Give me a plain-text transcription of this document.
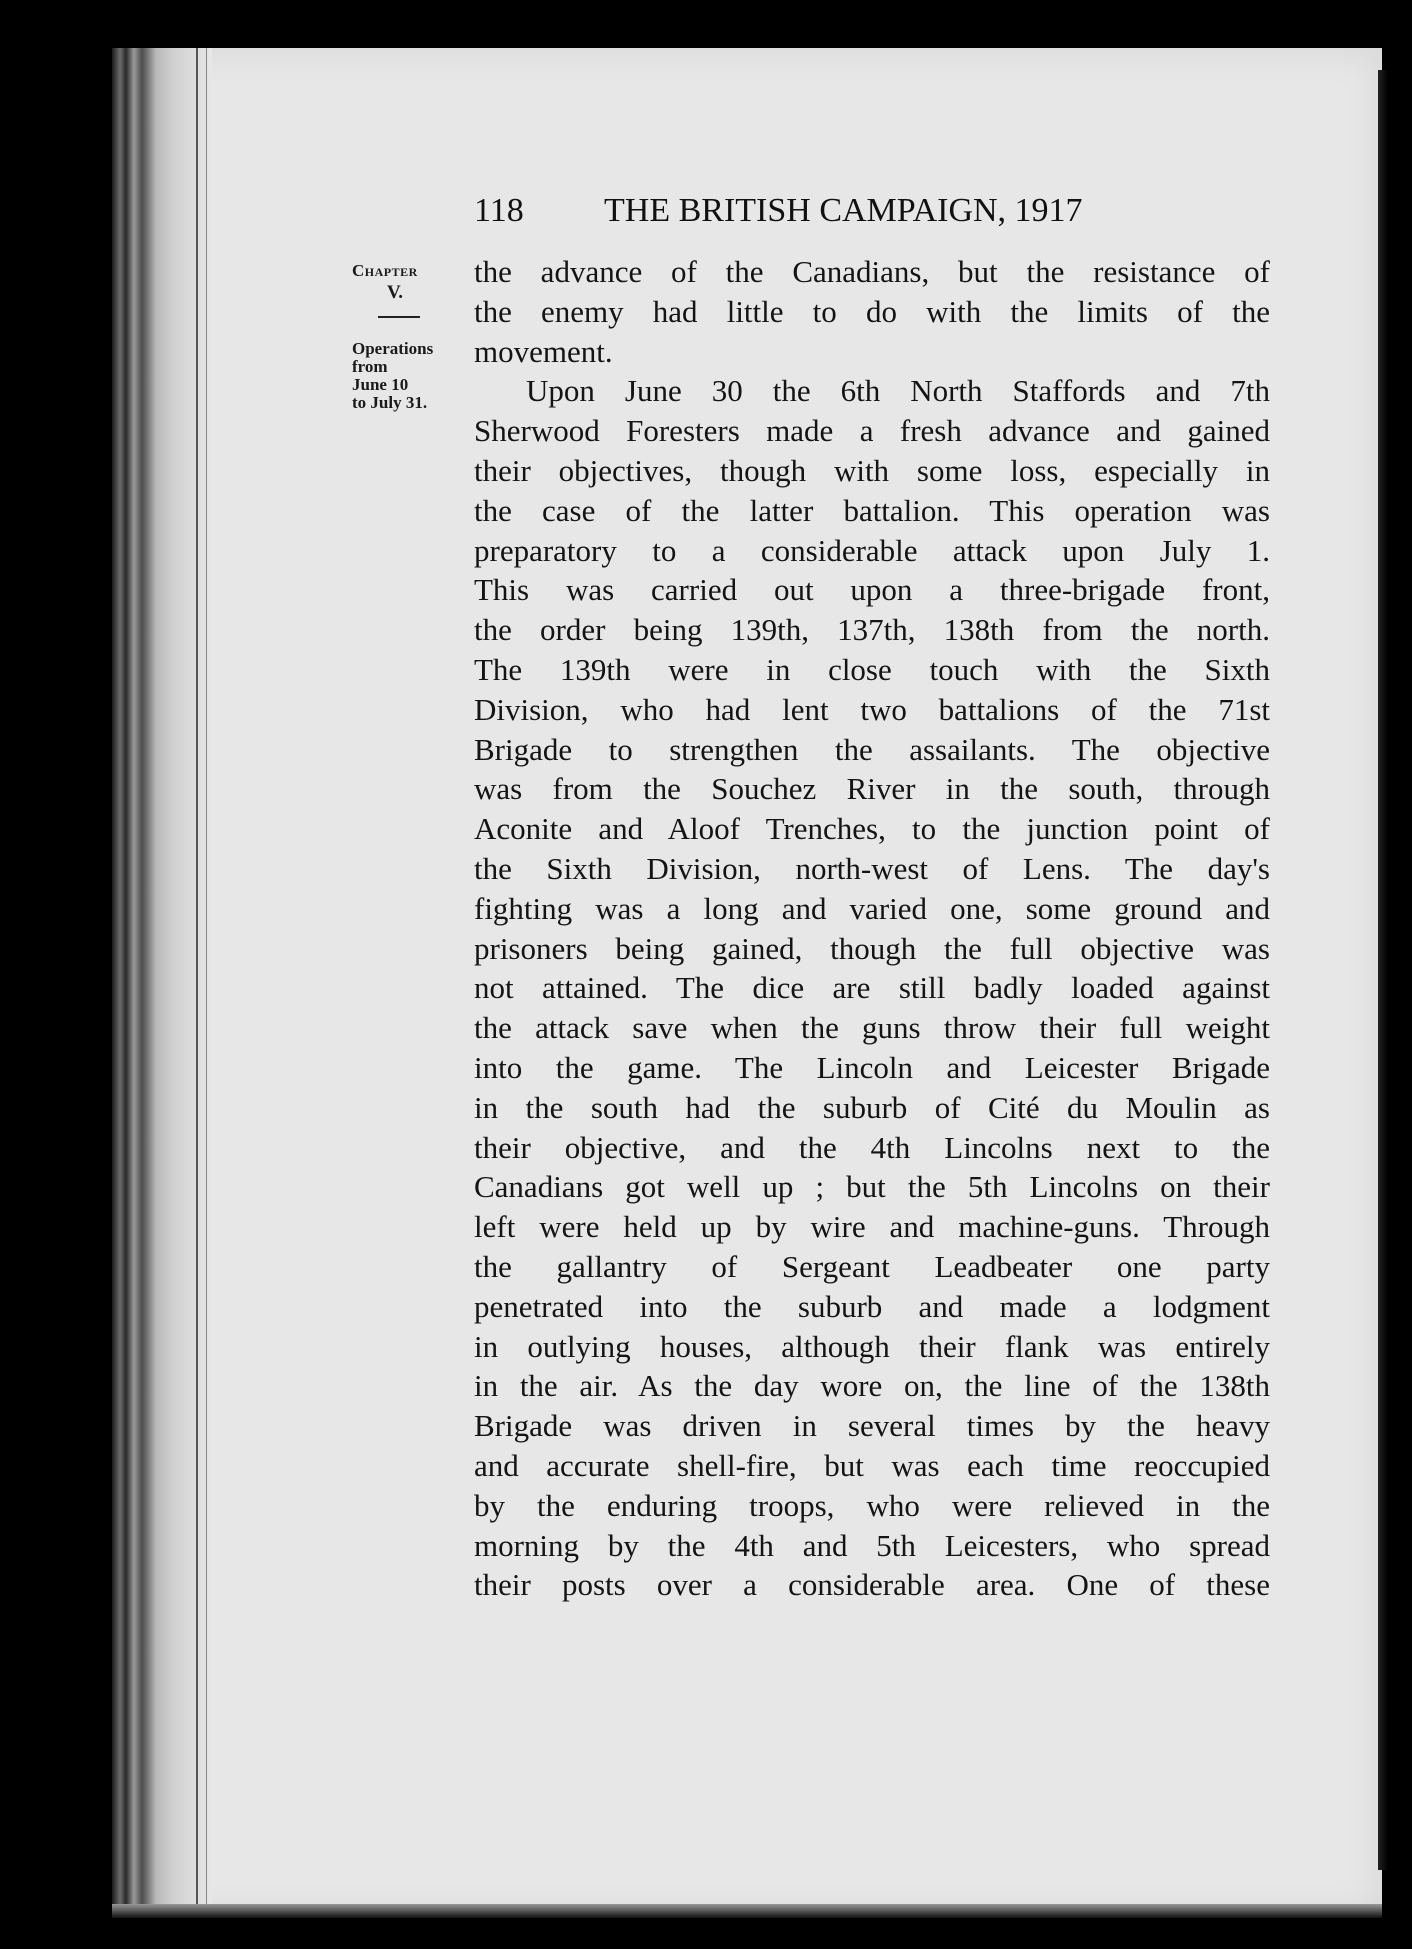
118 THE BRITISH CAMPAIGN, 1917
Chapter
V.
Operations
from
June 10
to July 31.
the advance of the Canadians, but the resistance of
the enemy had little to do with the limits of the
movement.
Upon June 30 the 6th North Staffords and 7th
Sherwood Foresters made a fresh advance and gained
their objectives, though with some loss, especially in
the case of the latter battalion. This operation was
preparatory to a considerable attack upon July 1.
This was carried out upon a three-brigade front,
the order being 139th, 137th, 138th from the north.
The 139th were in close touch with the Sixth
Division, who had lent two battalions of the 71st
Brigade to strengthen the assailants. The objective
was from the Souchez River in the south, through
Aconite and Aloof Trenches, to the junction point of
the Sixth Division, north-west of Lens. The day's
fighting was a long and varied one, some ground and
prisoners being gained, though the full objective was
not attained. The dice are still badly loaded against
the attack save when the guns throw their full weight
into the game. The Lincoln and Leicester Brigade
in the south had the suburb of Cité du Moulin as
their objective, and the 4th Lincolns next to the
Canadians got well up ; but the 5th Lincolns on their
left were held up by wire and machine-guns. Through
the gallantry of Sergeant Leadbeater one party
penetrated into the suburb and made a lodgment
in outlying houses, although their flank was entirely
in the air. As the day wore on, the line of the 138th
Brigade was driven in several times by the heavy
and accurate shell-fire, but was each time reoccupied
by the enduring troops, who were relieved in the
morning by the 4th and 5th Leicesters, who spread
their posts over a considerable area. One of these
